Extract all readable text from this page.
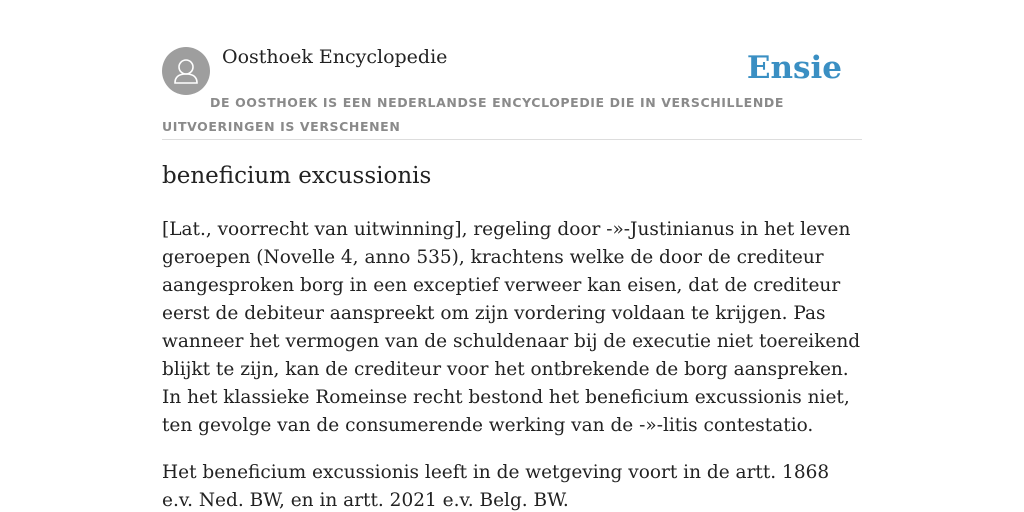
Oosthoek Encyclopedie	Ensie

DE OOSTHOEK IS EEN NEDERLANDSE ENCYCLOPEDIE DIE IN VERSCHILLENDE UITVOERINGEN IS VERSCHENEN

beneficium excussionis

[Lat., voorrecht van uitwinning], regeling door -»-Justinianus in het leven geroepen (Novelle 4, anno 535), krachtens welke de door de crediteur aangesproken borg in een exceptief verweer kan eisen, dat de crediteur eerst de debiteur aanspreekt om zijn vordering voldaan te krijgen. Pas wanneer het vermogen van de schuldenaar bij de executie niet toereikend blijkt te zijn, kan de crediteur voor het ontbrekende de borg aanspreken. In het klassieke Romeinse recht bestond het beneficium excussionis niet, ten gevolge van de consumerende werking van de -»-litis contestatio.

Het beneficium excussionis leeft in de wetgeving voort in de artt. 1868 e.v. Ned. BW, en in artt. 2021 e.v. Belg. BW.
